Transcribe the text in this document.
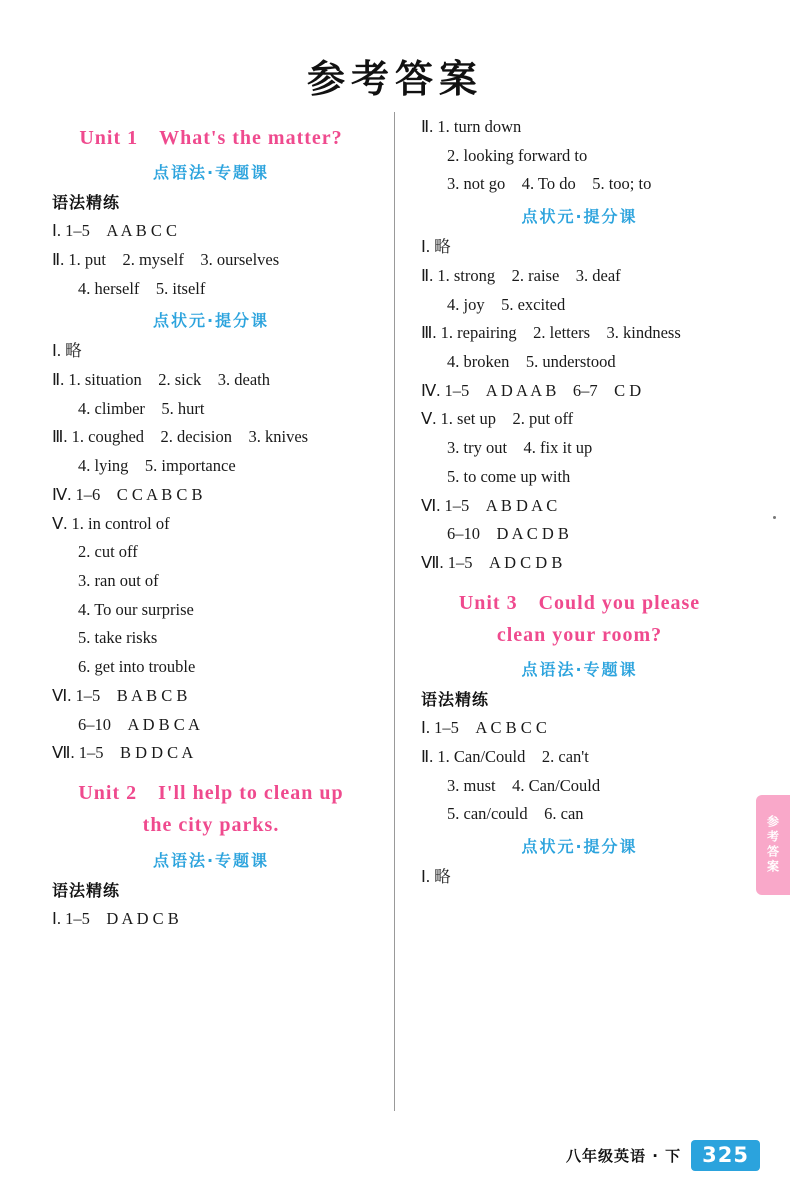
参考答案
Unit 1　What's the matter?
点语法·专题课
语法精练
Ⅰ. 1–5　A A B C C
Ⅱ. 1. put　2. myself　3. ourselves
4. herself　5. itself
点状元·提分课
Ⅰ. 略
Ⅱ. 1. situation　2. sick　3. death
4. climber　5. hurt
Ⅲ. 1. coughed　2. decision　3. knives
4. lying　5. importance
Ⅳ. 1–6　C C A B C B
Ⅴ. 1. in control of
2. cut off
3. ran out of
4. To our surprise
5. take risks
6. get into trouble
Ⅵ. 1–5　B A B C B
6–10　A D B C A
Ⅶ. 1–5　B D D C A
Unit 2　I'll help to clean up
the city parks.
点语法·专题课
语法精练
Ⅰ. 1–5　D A D C B
Ⅱ. 1. turn down
2. looking forward to
3. not go　4. To do　5. too; to
点状元·提分课
Ⅰ. 略
Ⅱ. 1. strong　2. raise　3. deaf
4. joy　5. excited
Ⅲ. 1. repairing　2. letters　3. kindness
4. broken　5. understood
Ⅳ. 1–5　A D A A B　6–7　C D
Ⅴ. 1. set up　2. put off
3. try out　4. fix it up
5. to come up with
Ⅵ. 1–5　A B D A C
6–10　D A C D B
Ⅶ. 1–5　A D C D B
Unit 3　Could you please
clean your room?
点语法·专题课
语法精练
Ⅰ. 1–5　A C B C C
Ⅱ. 1. Can/Could　2. can't
3. must　4. Can/Could
5. can/could　6. can
点状元·提分课
Ⅰ. 略
参考答案
八年级英语 · 下	325
